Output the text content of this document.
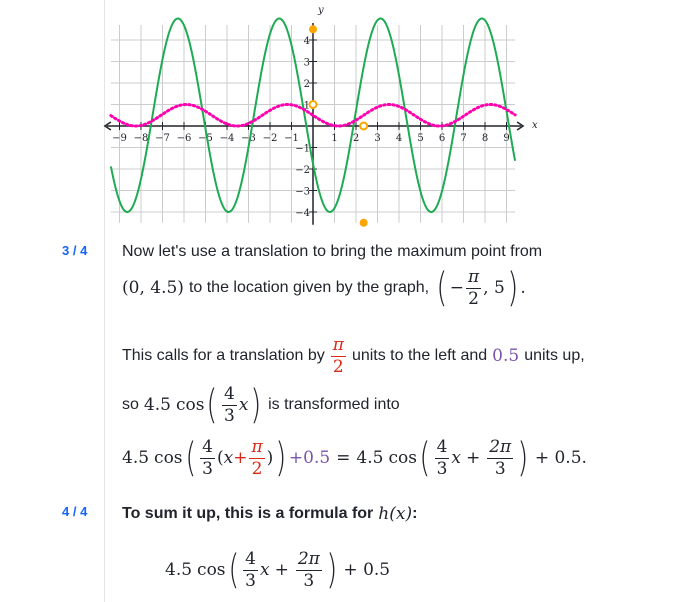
−9 −8 −7 −6 −5 −4 −3 −2 −1	1 2 3 4 5 6 7 8 9
1
2
3
4
−1
−2
−3
−4
x
y
3 / 4 Now let's use a translation to bring the maximum point from
(0, 4.5) to the location given by the graph, ( − $\frac{\pi}{2}$ , 5 ) .
This calls for a translation by $\frac{\pi}{2}$ units to the left and 0.5 units up,
so 4.5 cos ( $\frac{4}{3}$ x ) is transformed into
4.5 cos ( $\frac{4}{3}$ ( $x + \frac{\pi}{2}$ ) ) +0.5 = 4.5 cos ( $\frac{4}{3}$ $x + \frac{2\pi}{3}$ ) + 0.5.
4 / 4 To sum it up, this is a formula for h(x) :
4.5 cos ( $\frac{4}{3}$ $x + \frac{2\pi}{3}$ ) + 0.5
